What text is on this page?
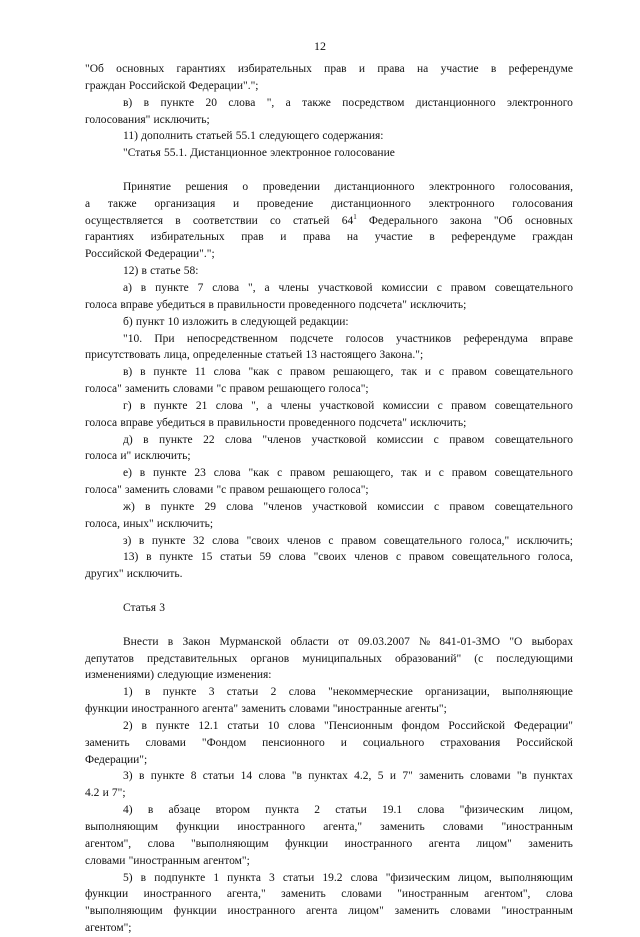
12
"Об основных гарантиях избирательных прав и права на участие в референдуме
граждан Российской Федерации".";
в) в пункте 20 слова ", а также посредством дистанционного электронного
голосования" исключить;
11) дополнить статьей 55.1 следующего содержания:
"Статья 55.1. Дистанционное электронное голосование
Принятие решения о проведении дистанционного электронного голосования,
а также организация и проведение дистанционного электронного голосования
осуществляется в соответствии со статьей $64^1$ Федерального закона "Об основных
гарантиях избирательных прав и права на участие в референдуме граждан
Российской Федерации".";
12) в статье 58:
а) в пункте 7 слова ", а члены участковой комиссии с правом совещательного
голоса вправе убедиться в правильности проведенного подсчета" исключить;
б) пункт 10 изложить в следующей редакции:
"10. При непосредственном подсчете голосов участников референдума вправе
присутствовать лица, определенные статьей 13 настоящего Закона.";
в) в пункте 11 слова "как с правом решающего, так и с правом совещательного
голоса" заменить словами "с правом решающего голоса";
г) в пункте 21 слова ", а члены участковой комиссии с правом совещательного
голоса вправе убедиться в правильности проведенного подсчета" исключить;
д) в пункте 22 слова "членов участковой комиссии с правом совещательного
голоса и" исключить;
е) в пункте 23 слова "как с правом решающего, так и с правом совещательного
голоса" заменить словами "с правом решающего голоса";
ж) в пункте 29 слова "членов участковой комиссии с правом совещательного
голоса, иных" исключить;
з) в пункте 32 слова "своих членов с правом совещательного голоса," исключить;
13) в пункте 15 статьи 59 слова "своих членов с правом совещательного голоса,
других" исключить.
Статья 3
Внести в Закон Мурманской области от 09.03.2007 № 841-01-ЗМО "О выборах
депутатов представительных органов муниципальных образований" (с последующими
изменениями) следующие изменения:
1) в пункте 3 статьи 2 слова "некоммерческие организации, выполняющие
функции иностранного агента" заменить словами "иностранные агенты";
2) в пункте 12.1 статьи 10 слова "Пенсионным фондом Российской Федерации"
заменить словами "Фондом пенсионного и социального страхования Российской
Федерации";
3) в пункте 8 статьи 14 слова "в пунктах 4.2, 5 и 7" заменить словами "в пунктах
4.2 и 7";
4) в абзаце втором пункта 2 статьи 19.1 слова "физическим лицом,
выполняющим функции иностранного агента," заменить словами "иностранным
агентом", слова "выполняющим функции иностранного агента лицом" заменить
словами "иностранным агентом";
5) в подпункте 1 пункта 3 статьи 19.2 слова "физическим лицом, выполняющим
функции иностранного агента," заменить словами "иностранным агентом", слова
"выполняющим функции иностранного агента лицом" заменить словами "иностранным
агентом";
